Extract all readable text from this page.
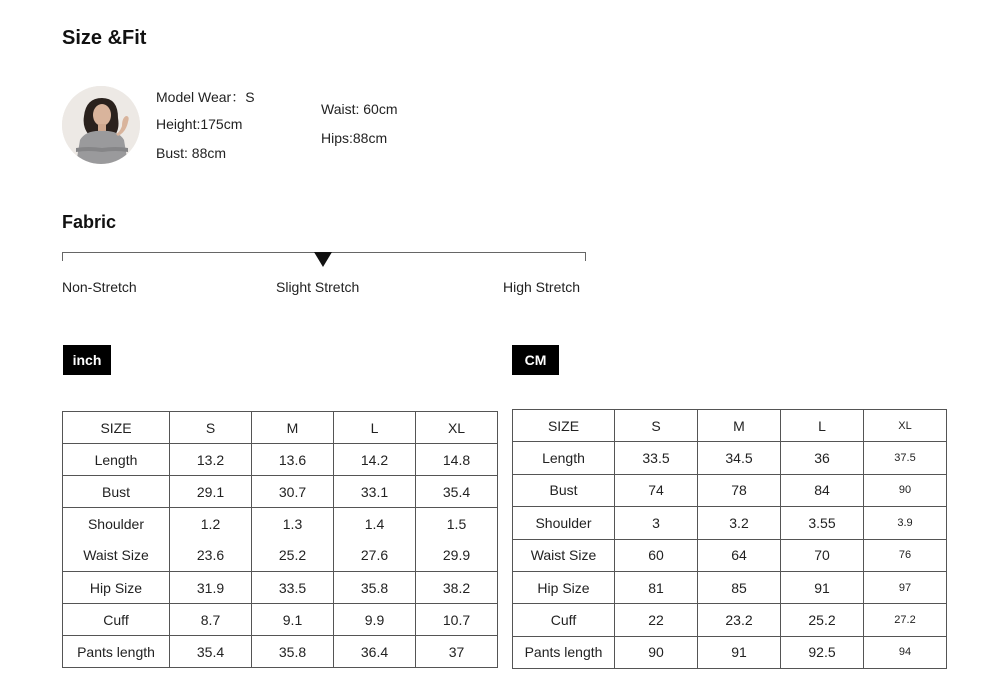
Size &Fit
Model Wear：S
Height:175cm
Bust: 88cm
Waist: 60cm
Hips:88cm
Fabric
Non-Stretch	Slight Stretch	High Stretch
inch	CM
SIZE	S	M	L	XL
Length	13.2	13.6	14.2	14.8
Bust	29.1	30.7	33.1	35.4
Shoulder	1.2	1.3	1.4	1.5
Waist Size	23.6	25.2	27.6	29.9
Hip Size	31.9	33.5	35.8	38.2
Cuff	8.7	9.1	9.9	10.7
Pants length	35.4	35.8	36.4	37
SIZE	S	M	L	XL
Length	33.5	34.5	36	37.5
Bust	74	78	84	90
Shoulder	3	3.2	3.55	3.9
Waist Size	60	64	70	76
Hip Size	81	85	91	97
Cuff	22	23.2	25.2	27.2
Pants length	90	91	92.5	94
